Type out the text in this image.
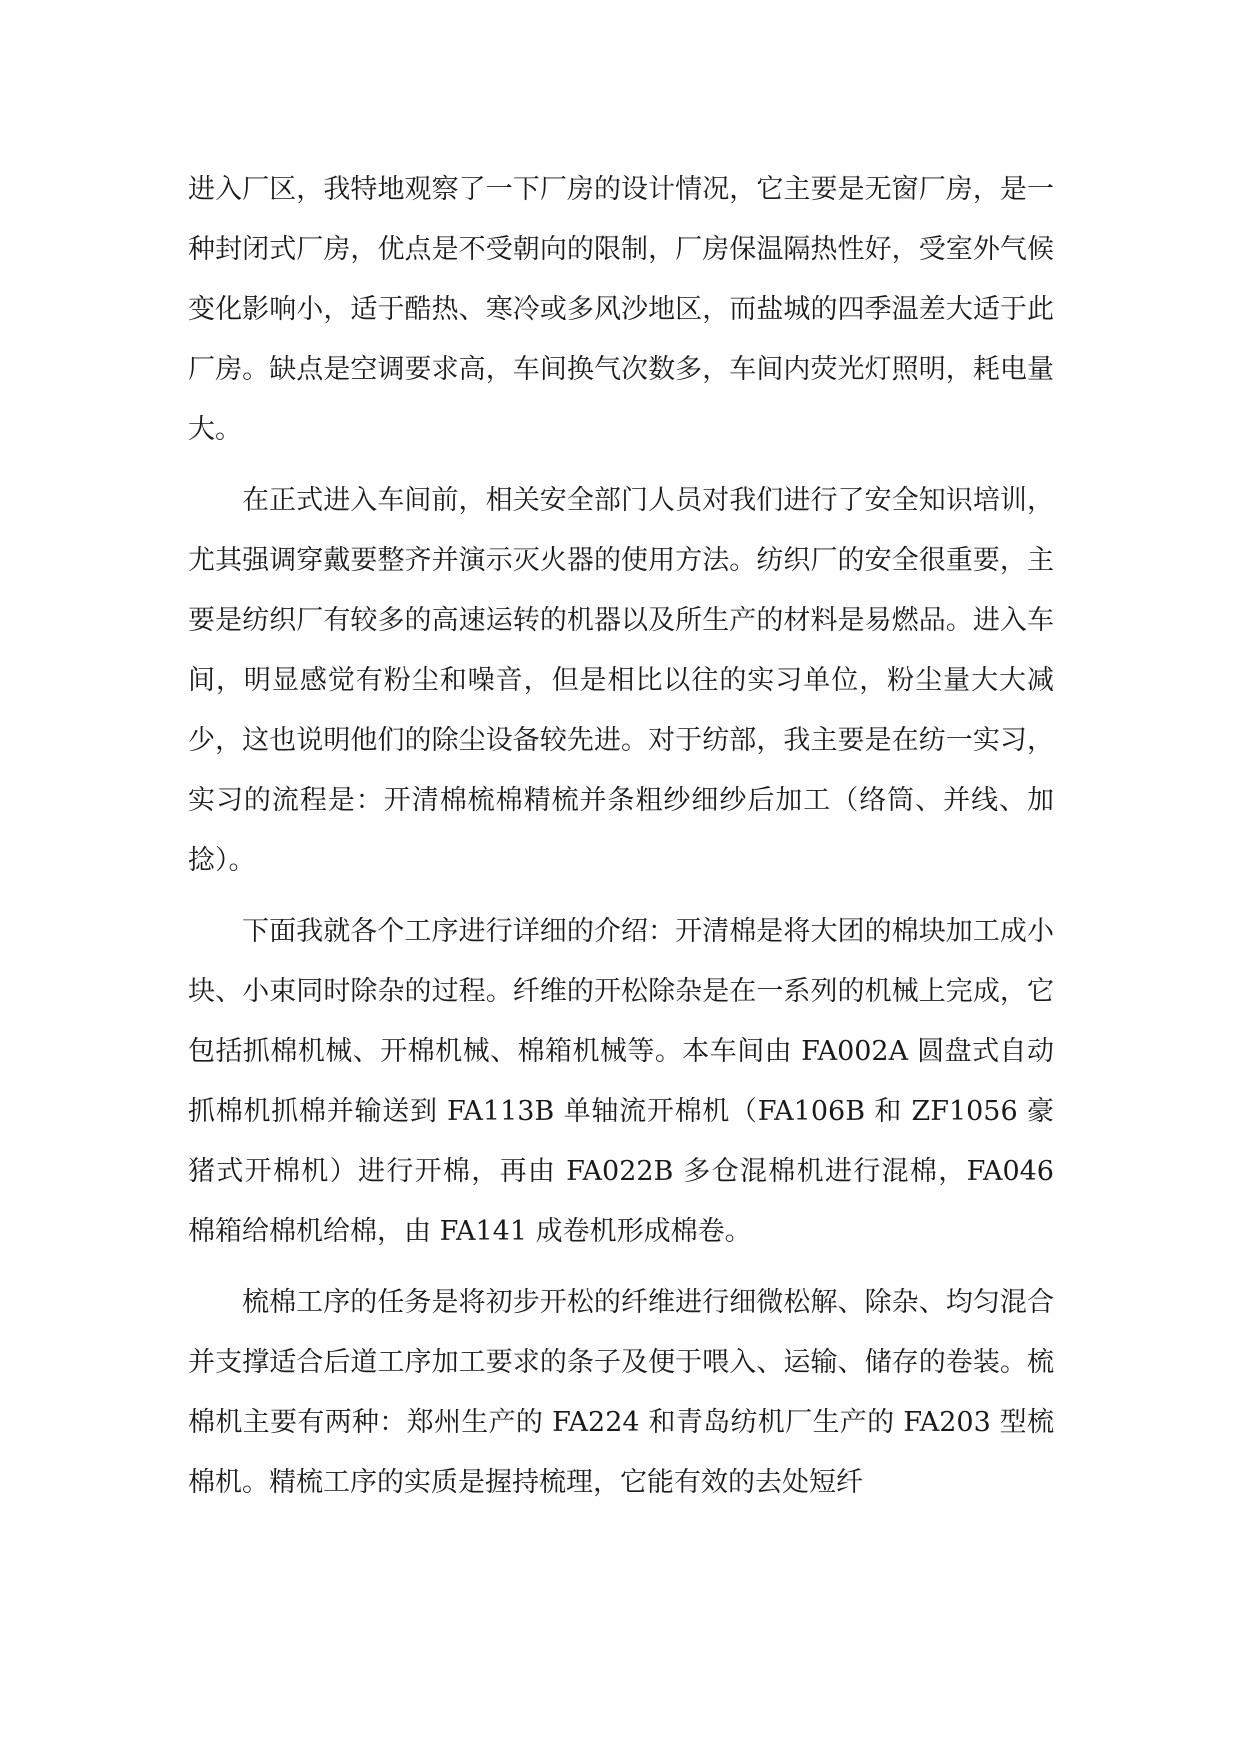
进入厂区，我特地观察了一下厂房的设计情况，它主要是无窗厂房，是一种封闭式厂房，优点是不受朝向的限制，厂房保温隔热性好，受室外气候变化影响小，适于酷热、寒冷或多风沙地区，而盐城的四季温差大适于此厂房。缺点是空调要求高，车间换气次数多，车间内荧光灯照明，耗电量大。

在正式进入车间前，相关安全部门人员对我们进行了安全知识培训，尤其强调穿戴要整齐并演示灭火器的使用方法。纺织厂的安全很重要，主要是纺织厂有较多的高速运转的机器以及所生产的材料是易燃品。进入车间，明显感觉有粉尘和噪音，但是相比以往的实习单位，粉尘量大大减少，这也说明他们的除尘设备较先进。对于纺部，我主要是在纺一实习，实习的流程是：开清棉梳棉精梳并条粗纱细纱后加工（络筒、并线、加捻）。

下面我就各个工序进行详细的介绍：开清棉是将大团的棉块加工成小块、小束同时除杂的过程。纤维的开松除杂是在一系列的机械上完成，它包括抓棉机械、开棉机械、棉箱机械等。本车间由 FA002A 圆盘式自动抓棉机抓棉并输送到 FA113B 单轴流开棉机（FA106B 和 ZF1056 豪猪式开棉机）进行开棉，再由 FA022B 多仓混棉机进行混棉，FA046 棉箱给棉机给棉，由 FA141 成卷机形成棉卷。

梳棉工序的任务是将初步开松的纤维进行细微松解、除杂、均匀混合并支撑适合后道工序加工要求的条子及便于喂入、运输、储存的卷装。梳棉机主要有两种：郑州生产的 FA224 和青岛纺机厂生产的 FA203 型梳棉机。精梳工序的实质是握持梳理，它能有效的去处短纤
